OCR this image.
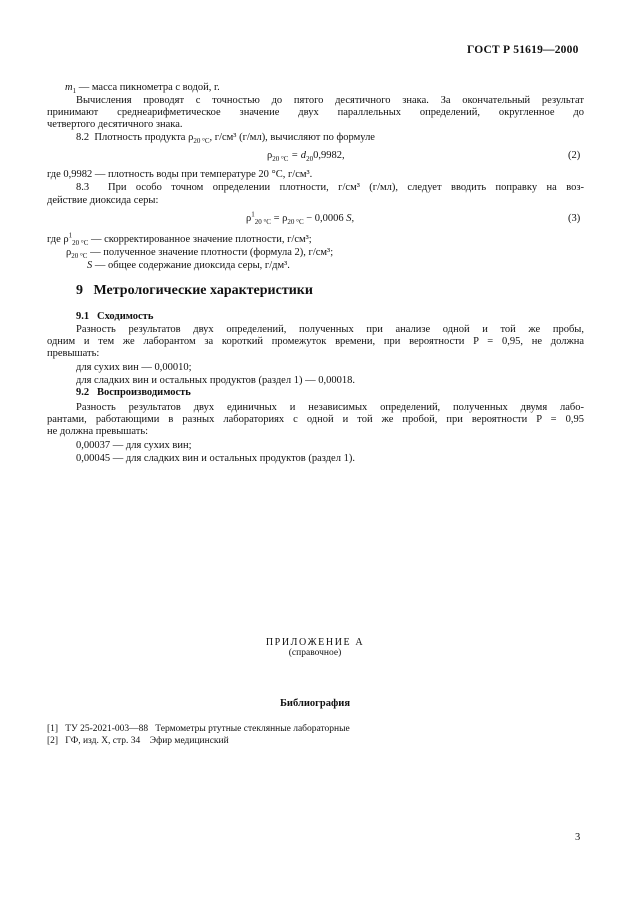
ГОСТ Р 51619—2000
$m_1$ — масса пикнометра с водой, г.
Вычисления проводят с точностью до пятого десятичного знака. За окончательный результат
принимают среднеарифметическое значение двух параллельных определений, округленное до
четвертого десятичного знака.
8.2 Плотность продукта $\rho_{20 ^\circ C}$, г/см³ (г/мл), вычисляют по формуле
$\rho_{20 ^\circ C} = d_{20}0,9982$,	(2)
где 0,9982 — плотность воды при температуре 20 °С, г/см³.
8.3 При особо точном определении плотности, г/см³ (г/мл), следует вводить поправку на воз-
действие диоксида серы:
$\rho^1_{20 ^\circ C} = \rho_{20 ^\circ C} - 0,0006$ S,	(3)
где $\rho^1_{20 ^\circ C}$ — скорректированное значение плотности, г/см³;
$\rho_{20 ^\circ C}$ — полученное значение плотности (формула 2), г/см³;
S — общее содержание диоксида серы, г/дм³.
9   Метрологические характеристики
9.1   Сходимость
Разность результатов двух определений, полученных при анализе одной и той же пробы,
одним и тем же лаборантом за короткий промежуток времени, при вероятности P = 0,95, не должна
превышать:
для сухих вин — 0,00010;
для сладких вин и остальных продуктов (раздел 1) — 0,00018.
9.2   Воспроизводимость
Разность результатов двух единичных и независимых определений, полученных двумя лабо-
рантами, работающими в разных лабораториях с одной и той же пробой, при вероятности P = 0,95
не должна превышать:
0,00037 — для сухих вин;
0,00045 — для сладких вин и остальных продуктов (раздел 1).
ПРИЛОЖЕНИЕ А
(справочное)
Библиография
[1]   ТУ 25-2021-003—88   Термометры ртутные стеклянные лабораторные
[2]   ГФ, изд. X, стр. 34    Эфир медицинский
3
